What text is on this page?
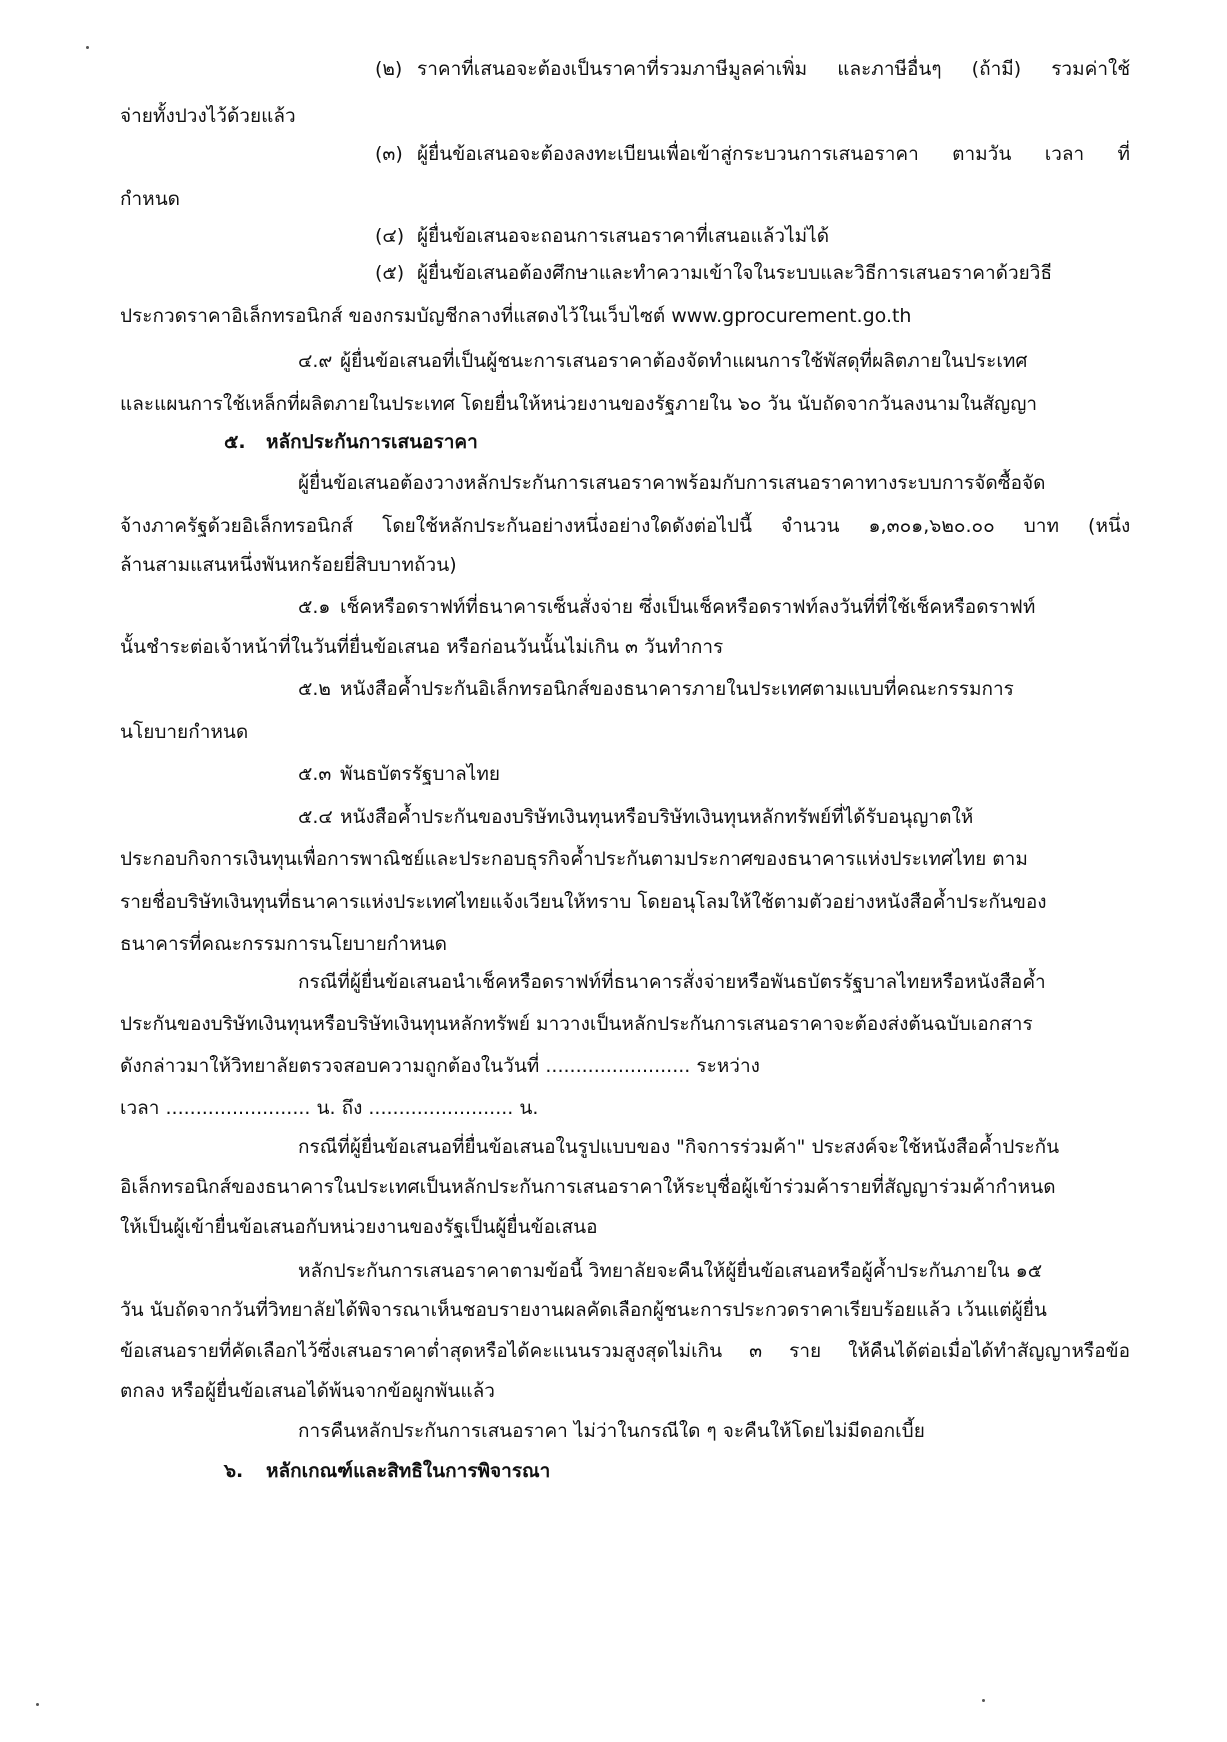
(๒) ราคาที่เสนอจะต้องเป็นราคาที่รวมภาษีมูลค่าเพิ่ม และภาษีอื่นๆ (ถ้ามี) รวมค่าใช้
จ่ายทั้งปวงไว้ด้วยแล้ว
(๓) ผู้ยื่นข้อเสนอจะต้องลงทะเบียนเพื่อเข้าสู่กระบวนการเสนอราคา ตามวัน เวลา ที่
กำหนด
(๔) ผู้ยื่นข้อเสนอจะถอนการเสนอราคาที่เสนอแล้วไม่ได้
(๕) ผู้ยื่นข้อเสนอต้องศึกษาและทำความเข้าใจในระบบและวิธีการเสนอราคาด้วยวิธี
ประกวดราคาอิเล็กทรอนิกส์ ของกรมบัญชีกลางที่แสดงไว้ในเว็บไซต์ www.gprocurement.go.th
๔.๙ ผู้ยื่นข้อเสนอที่เป็นผู้ชนะการเสนอราคาต้องจัดทำแผนการใช้พัสดุที่ผลิตภายในประเทศ
และแผนการใช้เหล็กที่ผลิตภายในประเทศ โดยยื่นให้หน่วยงานของรัฐภายใน ๖๐ วัน นับถัดจากวันลงนามในสัญญา
๕. หลักประกันการเสนอราคา
ผู้ยื่นข้อเสนอต้องวางหลักประกันการเสนอราคาพร้อมกับการเสนอราคาทางระบบการจัดซื้อจัด
จ้างภาครัฐด้วยอิเล็กทรอนิกส์ โดยใช้หลักประกันอย่างหนึ่งอย่างใดดังต่อไปนี้ จำนวน ๑,๓๐๑,๖๒๐.๐๐ บาท (หนึ่ง
ล้านสามแสนหนึ่งพันหกร้อยยี่สิบบาทถ้วน)
๕.๑ เช็คหรือดราฟท์ที่ธนาคารเซ็นสั่งจ่าย ซึ่งเป็นเช็คหรือดราฟท์ลงวันที่ที่ใช้เช็คหรือดราฟท์
นั้นชำระต่อเจ้าหน้าที่ในวันที่ยื่นข้อเสนอ หรือก่อนวันนั้นไม่เกิน ๓ วันทำการ
๕.๒ หนังสือค้ำประกันอิเล็กทรอนิกส์ของธนาคารภายในประเทศตามแบบที่คณะกรรมการ
นโยบายกำหนด
๕.๓ พันธบัตรรัฐบาลไทย
๕.๔ หนังสือค้ำประกันของบริษัทเงินทุนหรือบริษัทเงินทุนหลักทรัพย์ที่ได้รับอนุญาตให้
ประกอบกิจการเงินทุนเพื่อการพาณิชย์และประกอบธุรกิจค้ำประกันตามประกาศของธนาคารแห่งประเทศไทย ตาม
รายชื่อบริษัทเงินทุนที่ธนาคารแห่งประเทศไทยแจ้งเวียนให้ทราบ โดยอนุโลมให้ใช้ตามตัวอย่างหนังสือค้ำประกันของ
ธนาคารที่คณะกรรมการนโยบายกำหนด
กรณีที่ผู้ยื่นข้อเสนอนำเช็คหรือดราฟท์ที่ธนาคารสั่งจ่ายหรือพันธบัตรรัฐบาลไทยหรือหนังสือค้ำ
ประกันของบริษัทเงินทุนหรือบริษัทเงินทุนหลักทรัพย์ มาวางเป็นหลักประกันการเสนอราคาจะต้องส่งต้นฉบับเอกสาร
ดังกล่าวมาให้วิทยาลัยตรวจสอบความถูกต้องในวันที่ ........................ ระหว่าง
เวลา ........................ น. ถึง ........................ น.
กรณีที่ผู้ยื่นข้อเสนอที่ยื่นข้อเสนอในรูปแบบของ "กิจการร่วมค้า" ประสงค์จะใช้หนังสือค้ำประกัน
อิเล็กทรอนิกส์ของธนาคารในประเทศเป็นหลักประกันการเสนอราคาให้ระบุชื่อผู้เข้าร่วมค้ารายที่สัญญาร่วมค้ากำหนด
ให้เป็นผู้เข้ายื่นข้อเสนอกับหน่วยงานของรัฐเป็นผู้ยื่นข้อเสนอ
หลักประกันการเสนอราคาตามข้อนี้ วิทยาลัยจะคืนให้ผู้ยื่นข้อเสนอหรือผู้ค้ำประกันภายใน ๑๕
วัน นับถัดจากวันที่วิทยาลัยได้พิจารณาเห็นชอบรายงานผลคัดเลือกผู้ชนะการประกวดราคาเรียบร้อยแล้ว เว้นแต่ผู้ยื่น
ข้อเสนอรายที่คัดเลือกไว้ซึ่งเสนอราคาต่ำสุดหรือได้คะแนนรวมสูงสุดไม่เกิน ๓ ราย ให้คืนได้ต่อเมื่อได้ทำสัญญาหรือข้อ
ตกลง หรือผู้ยื่นข้อเสนอได้พ้นจากข้อผูกพันแล้ว
การคืนหลักประกันการเสนอราคา ไม่ว่าในกรณีใด ๆ จะคืนให้โดยไม่มีดอกเบี้ย
๖. หลักเกณฑ์และสิทธิในการพิจารณา
